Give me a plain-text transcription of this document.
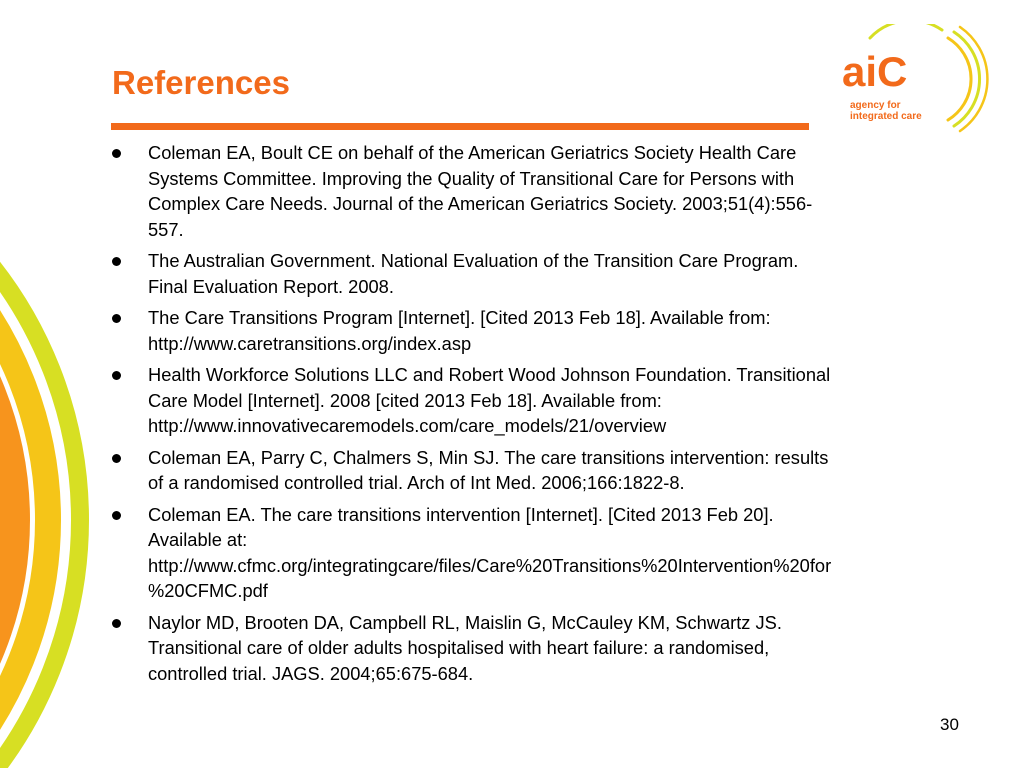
References	aiC
agency for
integrated care
Coleman EA, Boult CE on behalf of the American Geriatrics Society Health Care
Systems Committee. Improving the Quality of Transitional Care for Persons with
Complex Care Needs. Journal of the American Geriatrics Society. 2003;51(4):556-
557.
The Australian Government. National Evaluation of the Transition Care Program.
Final Evaluation Report. 2008.
The Care Transitions Program [Internet]. [Cited 2013 Feb 18]. Available from:
http://www.caretransitions.org/index.asp
Health Workforce Solutions LLC and Robert Wood Johnson Foundation. Transitional
Care Model [Internet]. 2008 [cited 2013 Feb 18]. Available from:
http://www.innovativecaremodels.com/care_models/21/overview
Coleman EA, Parry C, Chalmers S, Min SJ. The care transitions intervention: results
of a randomised controlled trial. Arch of Int Med. 2006;166:1822-8.
Coleman EA. The care transitions intervention [Internet]. [Cited 2013 Feb 20].
Available at:
http://www.cfmc.org/integratingcare/files/Care%20Transitions%20Intervention%20for
%20CFMC.pdf
Naylor MD, Brooten DA, Campbell RL, Maislin G, McCauley KM, Schwartz JS.
Transitional care of older adults hospitalised with heart failure: a randomised,
controlled trial. JAGS. 2004;65:675-684.
30
